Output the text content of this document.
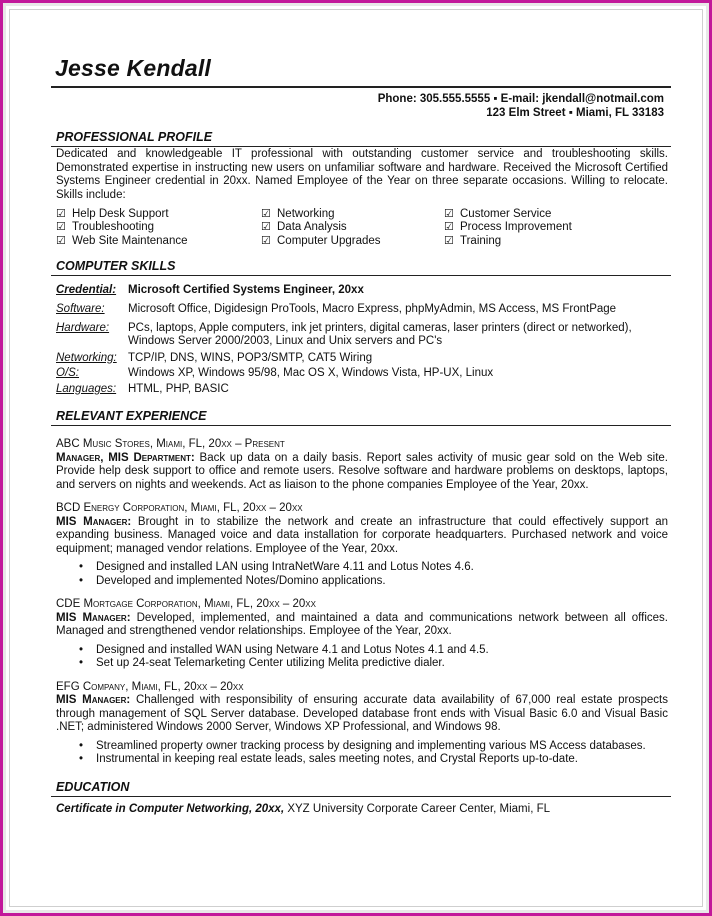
Jesse Kendall
Phone: 305.555.5555 ▪ E-mail: jkendall@notmail.com
123 Elm Street ▪ Miami, FL 33183
PROFESSIONAL PROFILE
Dedicated and knowledgeable IT professional with outstanding customer service and troubleshooting skills. Demonstrated expertise in instructing new users on unfamiliar software and hardware. Received the Microsoft Certified Systems Engineer credential in 20xx. Named Employee of the Year on three separate occasions. Willing to relocate. Skills include:
☑ Help Desk Support	☑ Networking	☑ Customer Service
☑ Troubleshooting	☑ Data Analysis	☑ Process Improvement
☑ Web Site Maintenance	☑ Computer Upgrades	☑ Training
COMPUTER SKILLS
Credential:	Microsoft Certified Systems Engineer, 20xx
Software:	Microsoft Office, Digidesign ProTools, Macro Express, phpMyAdmin, MS Access, MS FrontPage
Hardware:	PCs, laptops, Apple computers, ink jet printers, digital cameras, laser printers (direct or networked), Windows Server 2000/2003, Linux and Unix servers and PC's
Networking: TCP/IP, DNS, WINS, POP3/SMTP, CAT5 Wiring
O/S:	Windows XP, Windows 95/98, Mac OS X, Windows Vista, HP-UX, Linux
Languages:	HTML, PHP, BASIC
RELEVANT EXPERIENCE
ABC Music Stores, Miami, FL, 20xx – Present
Manager, MIS Department: Back up data on a daily basis. Report sales activity of music gear sold on the Web site. Provide help desk support to office and remote users. Resolve software and hardware problems on desktops, laptops, and servers on nights and weekends. Act as liaison to the phone companies Employee of the Year, 20xx.
BCD Energy Corporation, Miami, FL, 20xx – 20xx
MIS Manager: Brought in to stabilize the network and create an infrastructure that could effectively support an expanding business. Managed voice and data installation for corporate headquarters. Purchased network and voice equipment; managed vendor relations. Employee of the Year, 20xx.
• Designed and installed LAN using IntraNetWare 4.11 and Lotus Notes 4.6.
• Developed and implemented Notes/Domino applications.
CDE Mortgage Corporation, Miami, FL, 20xx – 20xx
MIS Manager: Developed, implemented, and maintained a data and communications network between all offices. Managed and strengthened vendor relationships. Employee of the Year, 20xx.
• Designed and installed WAN using Netware 4.1 and Lotus Notes 4.1 and 4.5.
• Set up 24-seat Telemarketing Center utilizing Melita predictive dialer.
EFG Company, Miami, FL, 20xx – 20xx
MIS Manager: Challenged with responsibility of ensuring accurate data availability of 67,000 real estate prospects through management of SQL Server database. Developed database front ends with Visual Basic 6.0 and Visual Basic .NET; administered Windows 2000 Server, Windows XP Professional, and Windows 98.
• Streamlined property owner tracking process by designing and implementing various MS Access databases.
• Instrumental in keeping real estate leads, sales meeting notes, and Crystal Reports up-to-date.
EDUCATION
Certificate in Computer Networking, 20xx, XYZ University Corporate Career Center, Miami, FL
